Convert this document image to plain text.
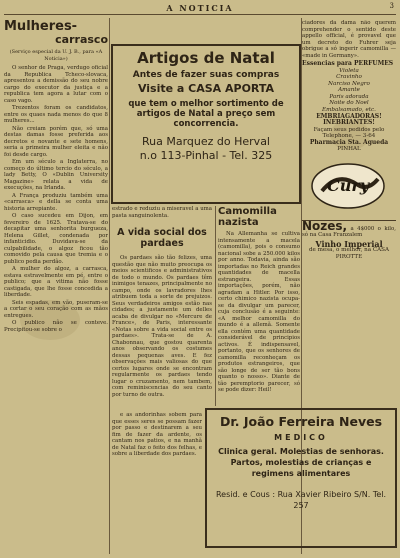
A NOTICIA	3
Mulheres-
carrasco
(Serviço especial da U. J. B., para «A Noticia»)

O senhor de Praga, verdugo oficial da Republica Tcheco-slovaca, apresentou a demissão do seu nobre cargo do executor da justiça e a republica tem agora a lutar com o caso vago.

Trezentos foram os candidatos, entre os quaes nada menos do que 8 mulheres...

Não creiam porém que, só uma destas damas fosse preferida aos decretos e novante e sete homens, seria a primeira mulher eleita e não foi desde cargo.

Em um século a Inglaterra, no começo do último tercio do século, a lady Betty, O «Dublin University Magazine» relata a vida de execuções, na Irlanda.

A França produziu também uma «carrasca» e della se conta uma historia arrepiante.

O caso sucedeu em Dijon, em fevereiro de 1625. Tratava-se do decapitar uma senhorita burgueza, Helena Gillet, condenada por infanticidio. Duvidava-se da culpabilidade, o algoz ficou tão comovido pela causa que tremia e o publico pedia perdão.

A mulher do algoz, a carrasca, estava estravelmente em pé, entre o publico; que a vitima não fosse castigada, que lhe fosse concedida a liberdade.

Seis espadas, em vão, puseram-se a cortar o seu coração com as mãos entregues.

O publico não se conteve. Precipitou-se sobre o

Artigos de Natal
Antes de fazer suas compras
Visite a CASA APORTA
que tem o melhor sortimento de artigos de Natal a preço sem concorrencia.
Rua Marquez do Herval
n.o 113-Pinhal - Tel. 325

estrado e reduziu a miseravel a uma pasta sanguinolenta.

A vida social dos pardaes

Os pardaes são tão felizes, uma questão que não muito preocupa os meios scientificos e administrativos de todo o mundo. Os pardaes têm inimigos tenazes, principalmente no campo, onde os lavradores lhes atribuem toda a sorte de prejuizos. Seus verdadeiros amigos estão nas cidades; a justamente um delles acaba de divulgar no «Mercure de France», de Paris, interessante «Notas sobre a vida social entre os pardaes». Trata-se de A. Chabonnau, que gostou quarenta anos observando os costumes dessas pequenas aves. E fez observações mais valiosas do que certos lugares onde se encontram regularmente os pardaes tendo lugar o cruzamento, nem tambem, com reminiscencias do seu canto por turno de outra.

Camomilla nazista

Na Allemanha se cultiva intensamente a macela (camomilla), pois o consumo nacional sobe a 250.000 kilos por anno. Todavia, ainda são importadas no Reich grandes quantidades de macella estrangeira. Essas importações, porém, não agradam a Hitler. Por isso, certo chimico nazista ocupa-se da divulgar um parecer, cuja conclusão é a seguinte: «A melhor camomilla do mundo é a allemã. Somente ella contém uma quantidade considerável de principios activos. É indispensavel, portanto, que os senhores de camomilla reconheçam os produtos estrangeiros, que são longe de ser tão bons quanto o nosso». Diante de tão peremptorio parecer, só se pode dizer: Heil!

ciadores da dama não querem comprehender o sentido deste appello official, é provavel que um decreto do Fuhrer seja obrigue a só ingerir camomilla — «made in Germany».

Essencias para PERFUMES
Violeta
Cravinho
Narciso Negro
Amante
Paris adorada
Noite do Noel
Embalsamado, etc.
EMBRIAGADORAS!
INEBRIANTES!
Façam seus pedidos pelo Telephone, — 3-64
Pharmacia Sta. Agueda
PINHAL
Cury
Nozes, a 4$000 o kilo, só na Casa Franzalem
Vinho Imperial
de mesa, o melhor, na CASA PIROTTE

e as andorinhas sobem para que esses seres se possam fazer por passo e destinarem a seu fim de fazer da ardente, os cantam nos patios, e na manhã de Natal faz o feito dos felhas, e sobre a liberdade dos pardaes.

Dr. João Ferreira Neves
MEDICO
Clinica geral. Molestias de senhoras. Partos, molestias de crianças e regimens alimentares
Resid. e Cous : Rua Xavier Ribeiro S/N. Tel. 257
